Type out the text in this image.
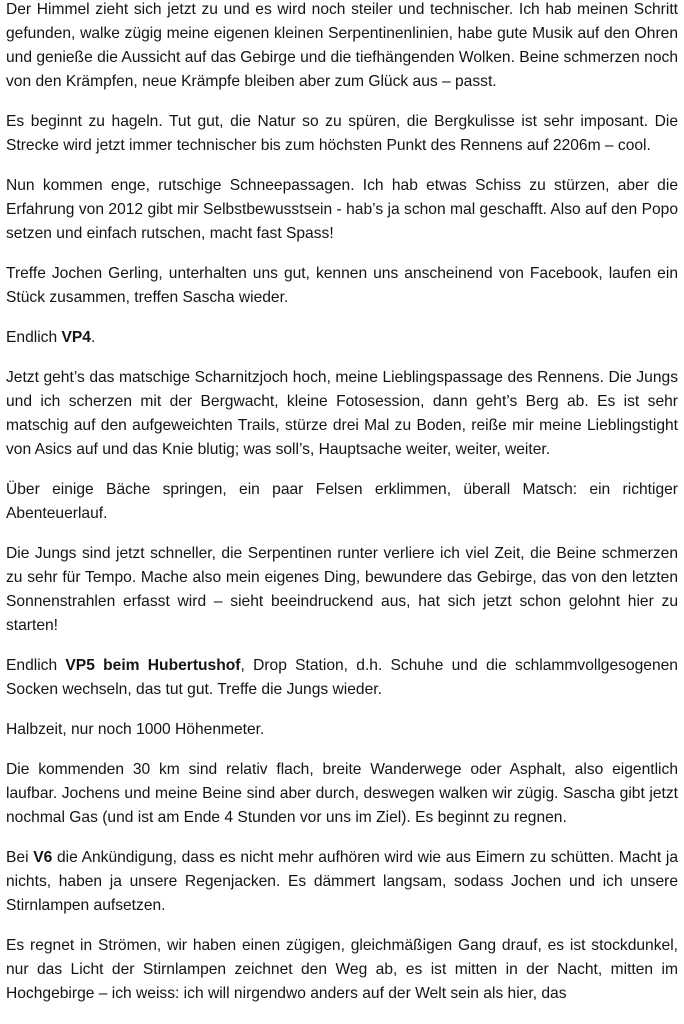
Der Himmel zieht sich jetzt zu und es wird noch steiler und technischer. Ich hab meinen Schritt gefunden, walke zügig meine eigenen kleinen Serpentinenlinien, habe gute Musik auf den Ohren und genieße die Aussicht auf das Gebirge und die tiefhängenden Wolken. Beine schmerzen noch von den Krämpfen, neue Krämpfe bleiben aber zum Glück aus – passt.

Es beginnt zu hageln. Tut gut, die Natur so zu spüren, die Bergkulisse ist sehr imposant. Die Strecke wird jetzt immer technischer bis zum höchsten Punkt des Rennens auf 2206m – cool.

Nun kommen enge, rutschige Schneepassagen. Ich hab etwas Schiss zu stürzen, aber die Erfahrung von 2012 gibt mir Selbstbewusstsein - hab’s ja schon mal geschafft. Also auf den Popo setzen und einfach rutschen, macht fast Spass!

Treffe Jochen Gerling, unterhalten uns gut, kennen uns anscheinend von Facebook, laufen ein Stück zusammen, treffen Sascha wieder.

Endlich VP4.

Jetzt geht’s das matschige Scharnitzjoch hoch, meine Lieblingspassage des Rennens. Die Jungs und ich scherzen mit der Bergwacht, kleine Fotosession, dann geht’s Berg ab. Es ist sehr matschig auf den aufgeweichten Trails, stürze drei Mal zu Boden, reiße mir meine Lieblingstight von Asics auf und das Knie blutig; was soll’s, Hauptsache weiter, weiter, weiter.

Über einige Bäche springen, ein paar Felsen erklimmen, überall Matsch: ein richtiger Abenteuerlauf.

Die Jungs sind jetzt schneller, die Serpentinen runter verliere ich viel Zeit, die Beine schmerzen zu sehr für Tempo. Mache also mein eigenes Ding, bewundere das Gebirge, das von den letzten Sonnenstrahlen erfasst wird – sieht beeindruckend aus, hat sich jetzt schon gelohnt hier zu starten!

Endlich VP5 beim Hubertushof, Drop Station, d.h. Schuhe und die schlammvollgesogenen Socken wechseln, das tut gut. Treffe die Jungs wieder.

Halbzeit, nur noch 1000 Höhenmeter.

Die kommenden 30 km sind relativ flach, breite Wanderwege oder Asphalt, also eigentlich laufbar. Jochens und meine Beine sind aber durch, deswegen walken wir zügig. Sascha gibt jetzt nochmal Gas (und ist am Ende 4 Stunden vor uns im Ziel). Es beginnt zu regnen.

Bei V6 die Ankündigung, dass es nicht mehr aufhören wird wie aus Eimern zu schütten. Macht ja nichts, haben ja unsere Regenjacken. Es dämmert langsam, sodass Jochen und ich unsere Stirnlampen aufsetzen.

Es regnet in Strömen, wir haben einen zügigen, gleichmäßigen Gang drauf, es ist stockdunkel, nur das Licht der Stirnlampen zeichnet den Weg ab, es ist mitten in der Nacht, mitten im Hochgebirge – ich weiss: ich will nirgendwo anders auf der Welt sein als hier, das
